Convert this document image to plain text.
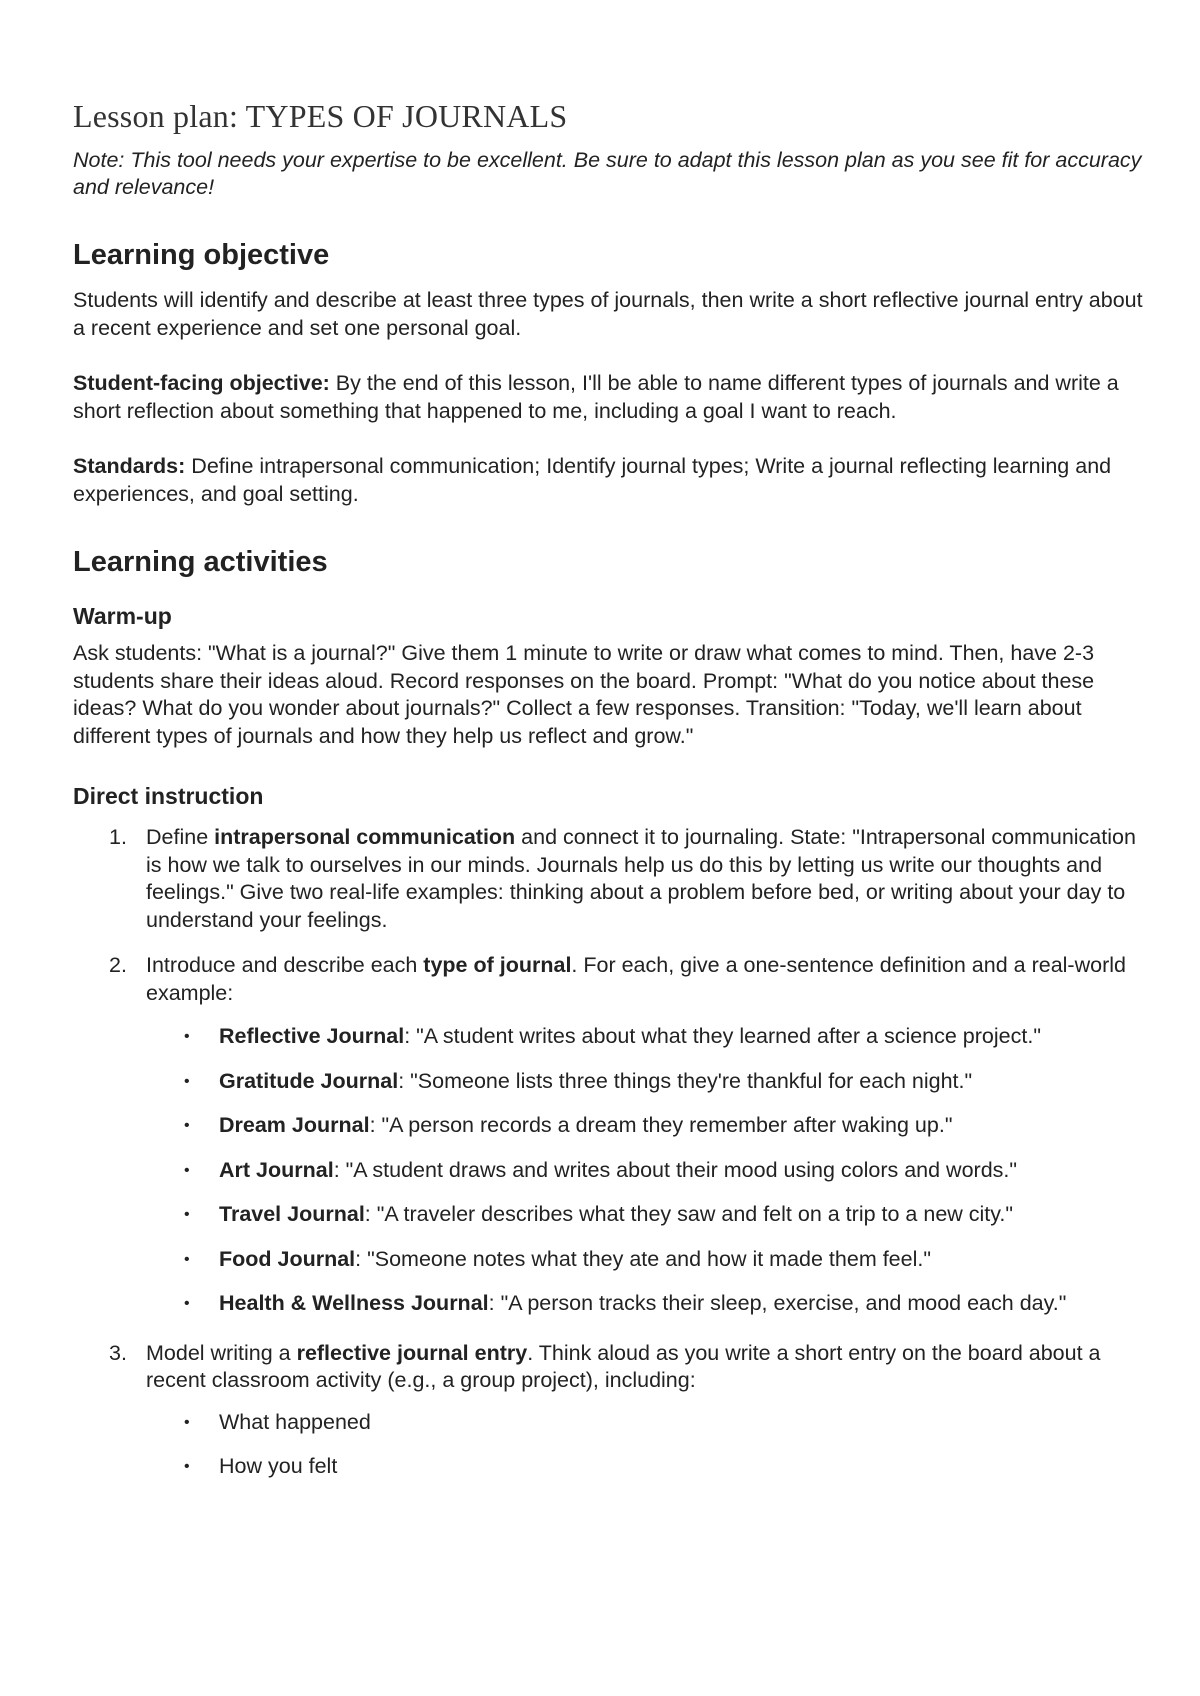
Lesson plan: TYPES OF JOURNALS

Note: This tool needs your expertise to be excellent. Be sure to adapt this lesson plan as you see fit for accuracy and relevance!

Learning objective

Students will identify and describe at least three types of journals, then write a short reflective journal entry about a recent experience and set one personal goal.

Student-facing objective: By the end of this lesson, I'll be able to name different types of journals and write a short reflection about something that happened to me, including a goal I want to reach.

Standards: Define intrapersonal communication; Identify journal types; Write a journal reflecting learning and experiences, and goal setting.

Learning activities
Warm-up

Ask students: "What is a journal?" Give them 1 minute to write or draw what comes to mind. Then, have 2-3 students share their ideas aloud. Record responses on the board. Prompt: "What do you notice about these ideas? What do you wonder about journals?" Collect a few responses. Transition: "Today, we'll learn about different types of journals and how they help us reflect and grow."

Direct instruction
1. Define intrapersonal communication and connect it to journaling. State: "Intrapersonal communication is how we talk to ourselves in our minds. Journals help us do this by letting us write our thoughts and feelings." Give two real-life examples: thinking about a problem before bed, or writing about your day to understand your feelings.
2. Introduce and describe each type of journal. For each, give a one-sentence definition and a real-world example:
• Reflective Journal: "A student writes about what they learned after a science project."
• Gratitude Journal: "Someone lists three things they're thankful for each night."
• Dream Journal: "A person records a dream they remember after waking up."
• Art Journal: "A student draws and writes about their mood using colors and words."
• Travel Journal: "A traveler describes what they saw and felt on a trip to a new city."
• Food Journal: "Someone notes what they ate and how it made them feel."
• Health & Wellness Journal: "A person tracks their sleep, exercise, and mood each day."
3. Model writing a reflective journal entry. Think aloud as you write a short entry on the board about a recent classroom activity (e.g., a group project), including:
• What happened
• How you felt
